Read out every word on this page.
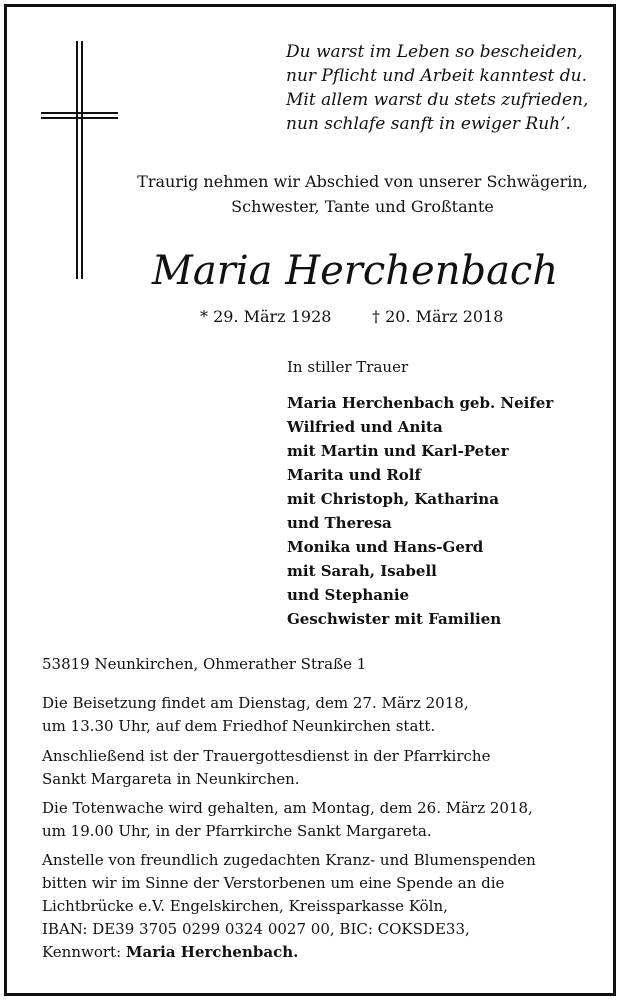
Du warst im Leben so bescheiden,
nur Pflicht und Arbeit kanntest du.
Mit allem warst du stets zufrieden,
nun schlafe sanft in ewiger Ruh’.
Traurig nehmen wir Abschied von unserer Schwägerin,
Schwester, Tante und Großtante
Maria Herchenbach
* 29. März 1928	† 20. März 2018
In stiller Trauer
Maria Herchenbach geb. Neifer
Wilfried und Anita
mit Martin und Karl-Peter
Marita und Rolf
mit Christoph, Katharina
und Theresa
Monika und Hans-Gerd
mit Sarah, Isabell
und Stephanie
Geschwister mit Familien
53819 Neunkirchen, Ohmerather Straße 1
Die Beisetzung findet am Dienstag, dem 27. März 2018,
um 13.30 Uhr, auf dem Friedhof Neunkirchen statt.
Anschließend ist der Trauergottesdienst in der Pfarrkirche
Sankt Margareta in Neunkirchen.
Die Totenwache wird gehalten, am Montag, dem 26. März 2018,
um 19.00 Uhr, in der Pfarrkirche Sankt Margareta.
Anstelle von freundlich zugedachten Kranz- und Blumenspenden
bitten wir im Sinne der Verstorbenen um eine Spende an die
Lichtbrücke e.V. Engelskirchen, Kreissparkasse Köln,
IBAN: DE39 3705 0299 0324 0027 00, BIC: COKSDE33,
Kennwort: Maria Herchenbach.
